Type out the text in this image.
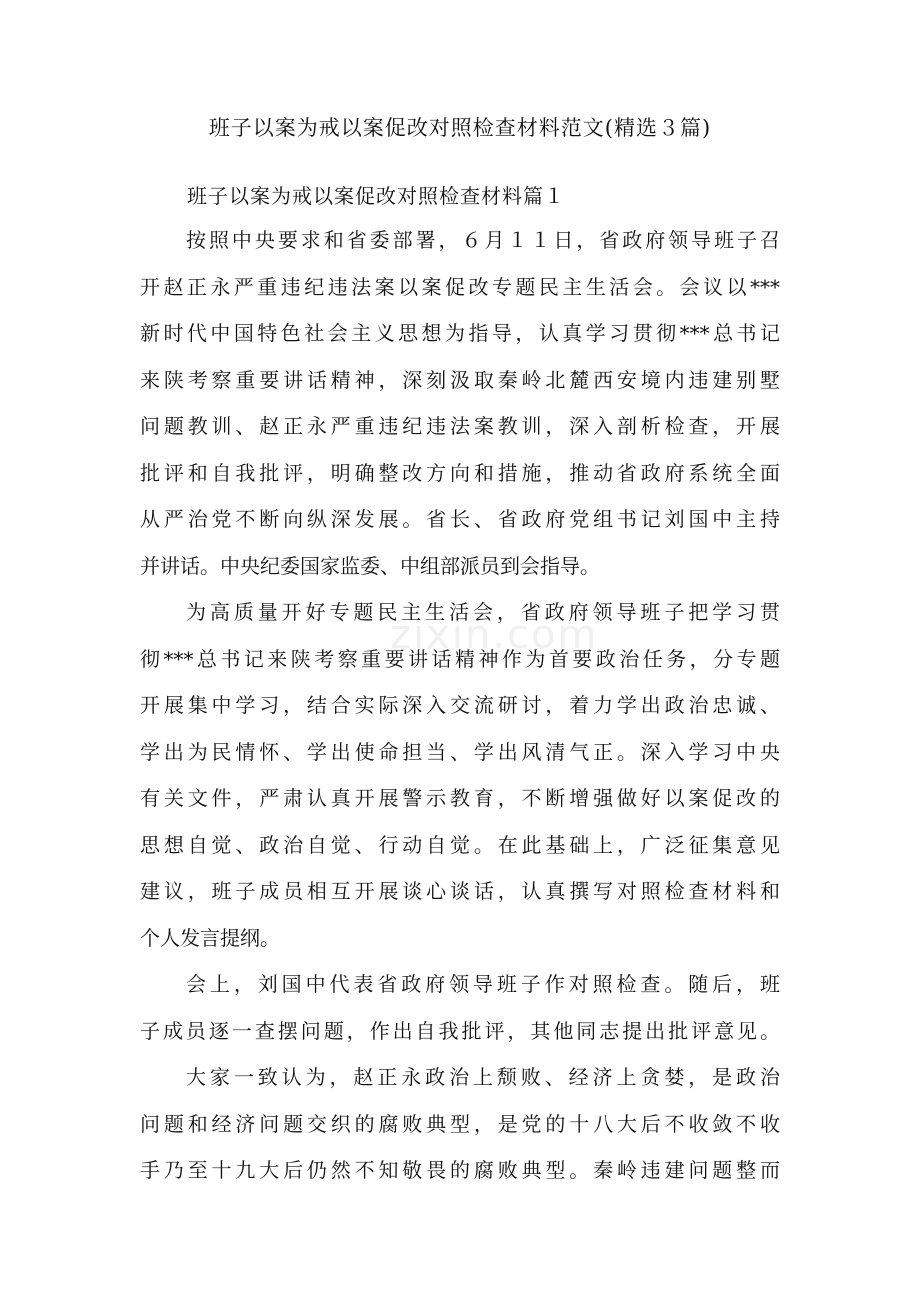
zixin.com
班子以案为戒以案促改对照检查材料范文(精选３篇)
班子以案为戒以案促改对照检查材料篇１
按照中央要求和省委部署，６月１１日，省政府领导班子召
开赵正永严重违纪违法案以案促改专题民主生活会。会议以***
新时代中国特色社会主义思想为指导，认真学习贯彻***总书记
来陕考察重要讲话精神，深刻汲取秦岭北麓西安境内违建别墅
问题教训、赵正永严重违纪违法案教训，深入剖析检查，开展
批评和自我批评，明确整改方向和措施，推动省政府系统全面
从严治党不断向纵深发展。省长、省政府党组书记刘国中主持
并讲话。中央纪委国家监委、中组部派员到会指导。
为高质量开好专题民主生活会，省政府领导班子把学习贯
彻***总书记来陕考察重要讲话精神作为首要政治任务，分专题
开展集中学习，结合实际深入交流研讨，着力学出政治忠诚、
学出为民情怀、学出使命担当、学出风清气正。深入学习中央
有关文件，严肃认真开展警示教育，不断增强做好以案促改的
思想自觉、政治自觉、行动自觉。在此基础上，广泛征集意见
建议，班子成员相互开展谈心谈话，认真撰写对照检查材料和
个人发言提纲。
会上，刘国中代表省政府领导班子作对照检查。随后，班
子成员逐一查摆问题，作出自我批评，其他同志提出批评意见。
大家一致认为，赵正永政治上颓败、经济上贪婪，是政治
问题和经济问题交织的腐败典型，是党的十八大后不收敛不收
手乃至十九大后仍然不知敬畏的腐败典型。秦岭违建问题整而
